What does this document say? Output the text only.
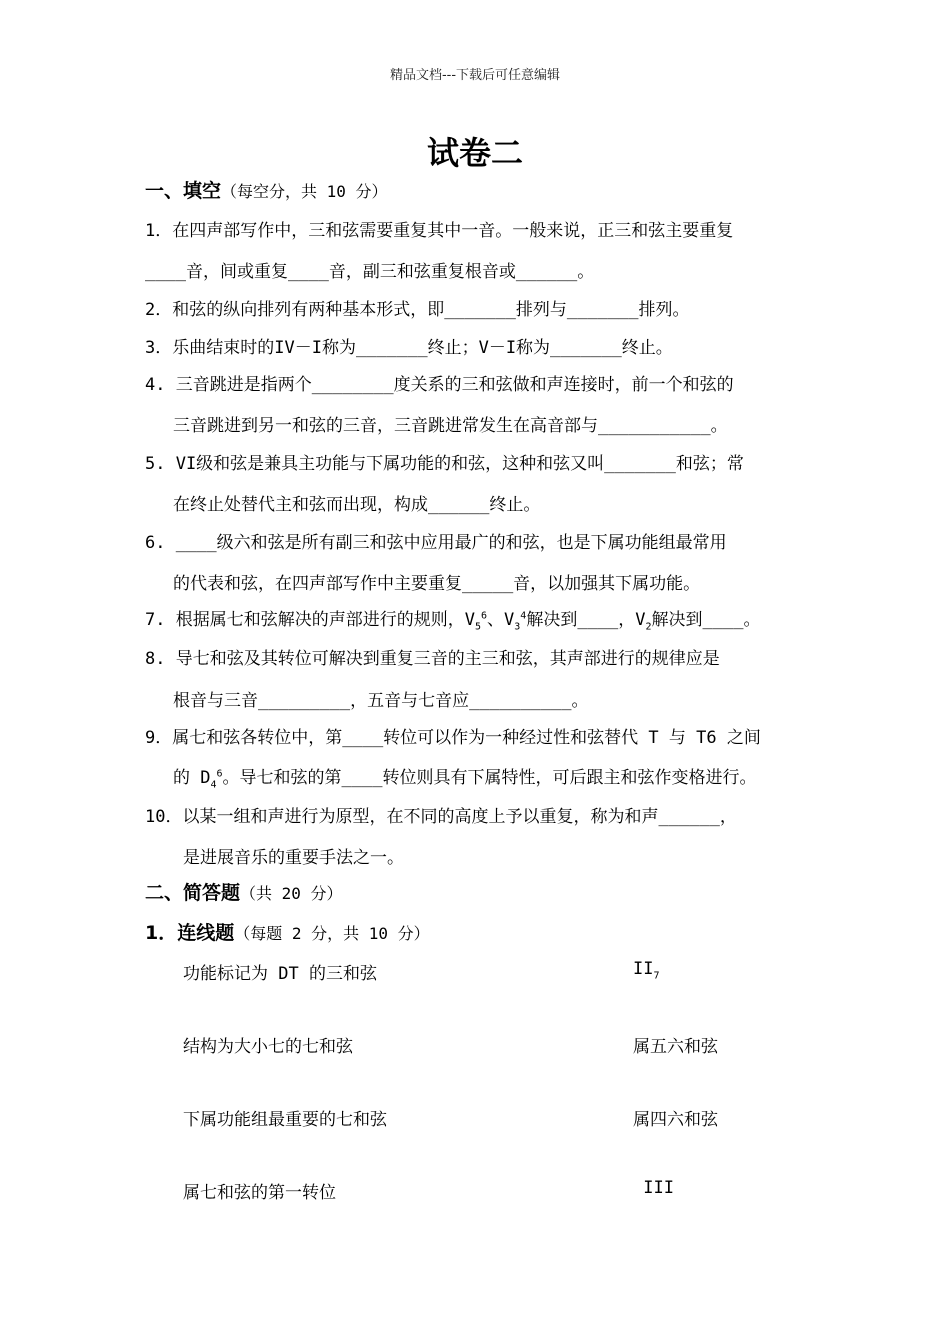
精品文档---下载后可任意编辑
试卷二
一、填空（每空分，共 10 分）
1．在四声部写作中，三和弦需要重复其中一音。一般来说，正三和弦主要重复
____音，间或重复____音，副三和弦重复根音或______。
2．和弦的纵向排列有两种基本形式，即_______排列与_______排列。
3．乐曲结束时的IV－I称为_______终止；V－I称为_______终止。
4. 三音跳进是指两个________度关系的三和弦做和声连接时，前一个和弦的
三音跳进到另一和弦的三音，三音跳进常发生在高音部与___________。
5. VI级和弦是兼具主功能与下属功能的和弦，这种和弦又叫_______和弦；常
在终止处替代主和弦而出现，构成______终止。
6. ____级六和弦是所有副三和弦中应用最广的和弦，也是下属功能组最常用
的代表和弦，在四声部写作中主要重复_____音，以加强其下属功能。
7. 根据属七和弦解决的声部进行的规则，$V_5^6$、$V_3^4$解决到____，$V_2$解决到____。
8. 导七和弦及其转位可解决到重复三音的主三和弦，其声部进行的规律应是
根音与三音_________，五音与七音应__________。
9．属七和弦各转位中，第____转位可以作为一种经过性和弦替代 T 与 T6 之间
的 $D_4^6$。导七和弦的第____转位则具有下属特性，可后跟主和弦作变格进行。
10．以某一组和声进行为原型，在不同的高度上予以重复，称为和声______，
是进展音乐的重要手法之一。
二、简答题（共 20 分）
1．连线题（每题 2 分，共 10 分）
功能标记为 DT 的三和弦	$II_7$
结构为大小七的七和弦	属五六和弦
下属功能组最重要的七和弦	属四六和弦
属七和弦的第一转位	III
